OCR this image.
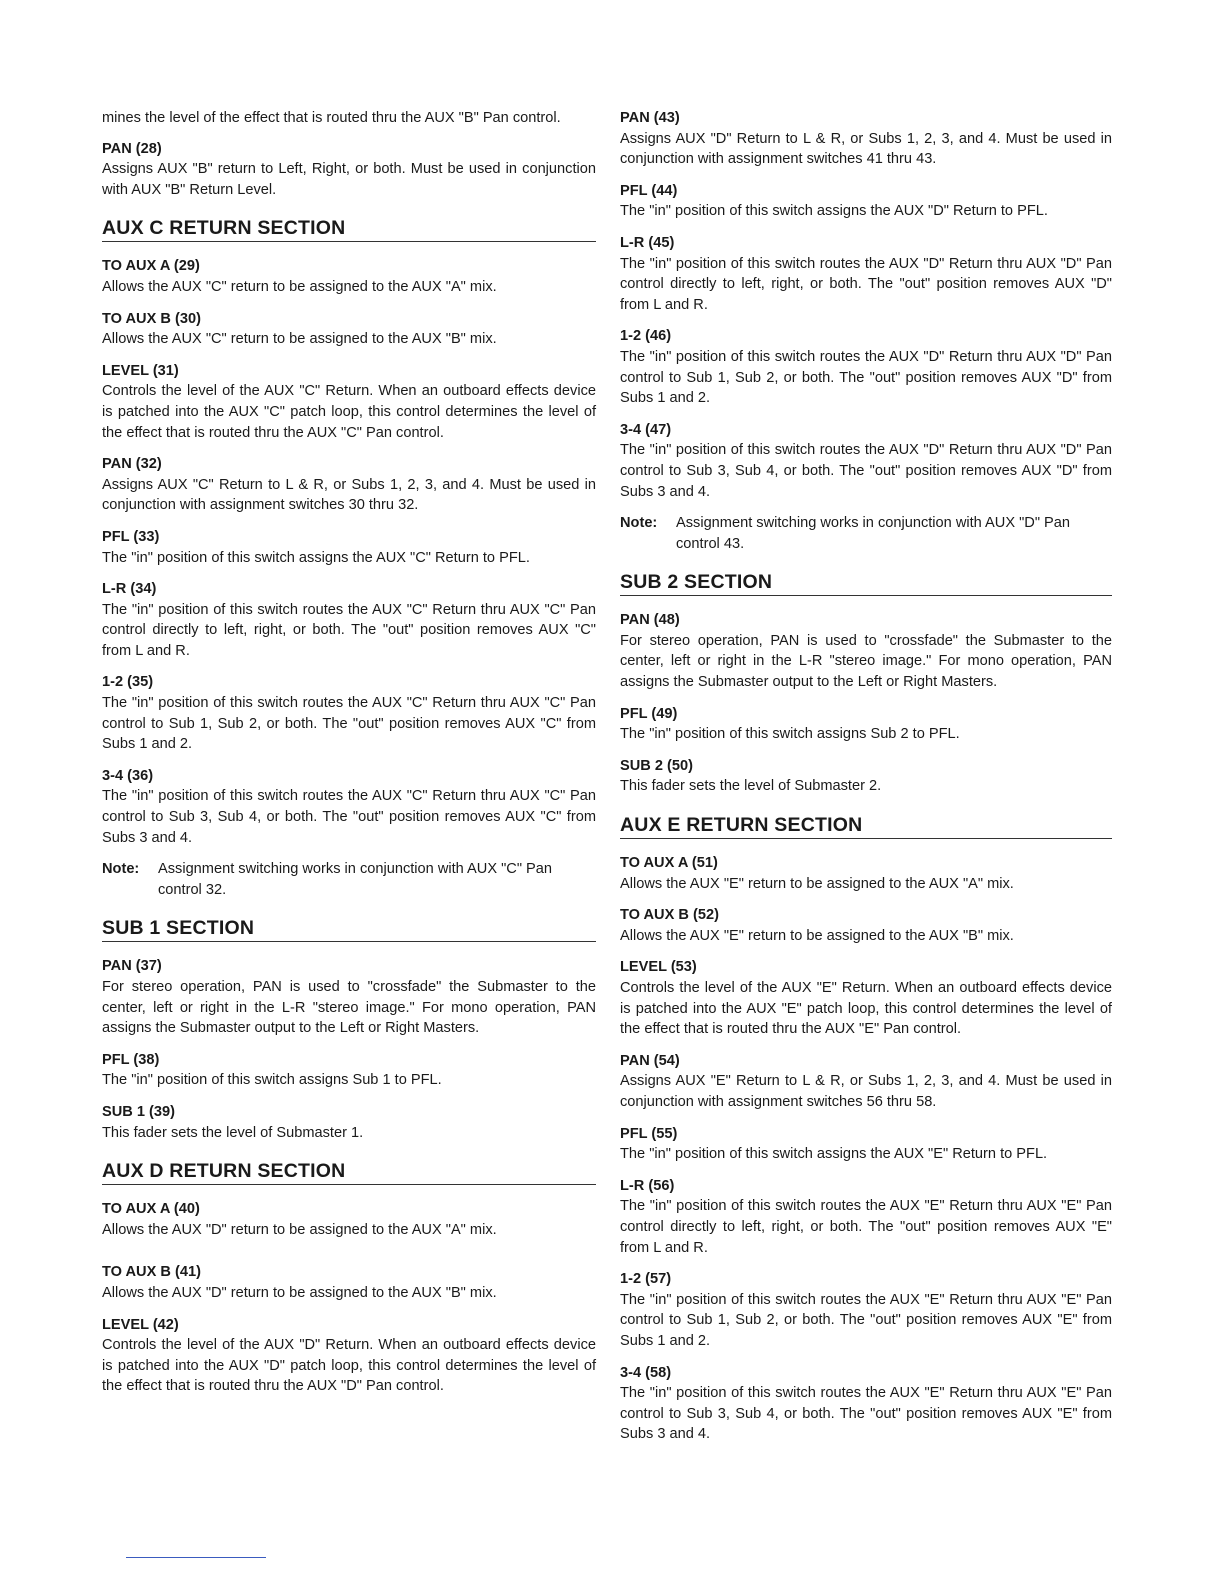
mines the level of the effect that is routed thru the AUX "B" Pan control.

PAN (28)

Assigns AUX "B" return to Left, Right, or both. Must be used in conjunction with AUX "B" Return Level.

AUX C RETURN SECTION

TO AUX A (29)

Allows the AUX "C" return to be assigned to the AUX "A" mix.

TO AUX B (30)

Allows the AUX "C" return to be assigned to the AUX "B" mix.

LEVEL (31)

Controls the level of the AUX "C" Return. When an outboard effects device is patched into the AUX "C" patch loop, this control determines the level of the effect that is routed thru the AUX "C" Pan control.

PAN (32)

Assigns AUX "C" Return to L & R, or Subs 1, 2, 3, and 4. Must be used in conjunction with assignment switches 30 thru 32.

PFL (33)

The "in" position of this switch assigns the AUX "C" Return to PFL.

L-R (34)

The "in" position of this switch routes the AUX "C" Return thru AUX "C" Pan control directly to left, right, or both. The "out" position removes AUX "C" from L and R.

1-2 (35)

The "in" position of this switch routes the AUX "C" Return thru AUX "C" Pan control to Sub 1, Sub 2, or both. The "out" position removes AUX "C" from Subs 1 and 2.

3-4 (36)

The "in" position of this switch routes the AUX "C" Return thru AUX "C" Pan control to Sub 3, Sub 4, or both. The "out" position removes AUX "C" from Subs 3 and 4.

Note:	Assignment switching works in conjunction with AUX "C" Pan control 32.

SUB 1 SECTION

PAN (37)

For stereo operation, PAN is used to "crossfade" the Submaster to the center, left or right in the L-R "stereo image." For mono operation, PAN assigns the Submaster output to the Left or Right Masters.

PFL (38)

The "in" position of this switch assigns Sub 1 to PFL.

SUB 1 (39)

This fader sets the level of Submaster 1.

AUX D RETURN SECTION

TO AUX A (40)

Allows the AUX "D" return to be assigned to the AUX "A" mix.

TO AUX B (41)

Allows the AUX "D" return to be assigned to the AUX "B" mix.

LEVEL (42)

Controls the level of the AUX "D" Return. When an outboard effects device is patched into the AUX "D" patch loop, this control determines the level of the effect that is routed thru the AUX "D" Pan control.

PAN (43)

Assigns AUX "D" Return to L & R, or Subs 1, 2, 3, and 4. Must be used in conjunction with assignment switches 41 thru 43.

PFL (44)

The "in" position of this switch assigns the AUX "D" Return to PFL.

L-R (45)

The "in" position of this switch routes the AUX "D" Return thru AUX "D" Pan control directly to left, right, or both. The "out" position removes AUX "D" from L and R.

1-2 (46)

The "in" position of this switch routes the AUX "D" Return thru AUX "D" Pan control to Sub 1, Sub 2, or both. The "out" position removes AUX "D" from Subs 1 and 2.

3-4 (47)

The "in" position of this switch routes the AUX "D" Return thru AUX "D" Pan control to Sub 3, Sub 4, or both. The "out" position removes AUX "D" from Subs 3 and 4.

Note:	Assignment switching works in conjunction with AUX "D" Pan control 43.

SUB 2 SECTION

PAN (48)

For stereo operation, PAN is used to "crossfade" the Submaster to the center, left or right in the L-R "stereo image." For mono operation, PAN assigns the Submaster output to the Left or Right Masters.

PFL (49)

The "in" position of this switch assigns Sub 2 to PFL.

SUB 2 (50)

This fader sets the level of Submaster 2.

AUX E RETURN SECTION

TO AUX A (51)

Allows the AUX "E" return to be assigned to the AUX "A" mix.

TO AUX B (52)

Allows the AUX "E" return to be assigned to the AUX "B" mix.

LEVEL (53)

Controls the level of the AUX "E" Return. When an outboard effects device is patched into the AUX "E" patch loop, this control determines the level of the effect that is routed thru the AUX "E" Pan control.

PAN (54)

Assigns AUX "E" Return to L & R, or Subs 1, 2, 3, and 4. Must be used in conjunction with assignment switches 56 thru 58.

PFL (55)

The "in" position of this switch assigns the AUX "E" Return to PFL.

L-R (56)

The "in" position of this switch routes the AUX "E" Return thru AUX "E" Pan control directly to left, right, or both. The "out" position removes AUX "E" from L and R.

1-2 (57)

The "in" position of this switch routes the AUX "E" Return thru AUX "E" Pan control to Sub 1, Sub 2, or both. The "out" position removes AUX "E" from Subs 1 and 2.

3-4 (58)

The "in" position of this switch routes the AUX "E" Return thru AUX "E" Pan control to Sub 3, Sub 4, or both. The "out" position removes AUX "E" from Subs 3 and 4.
